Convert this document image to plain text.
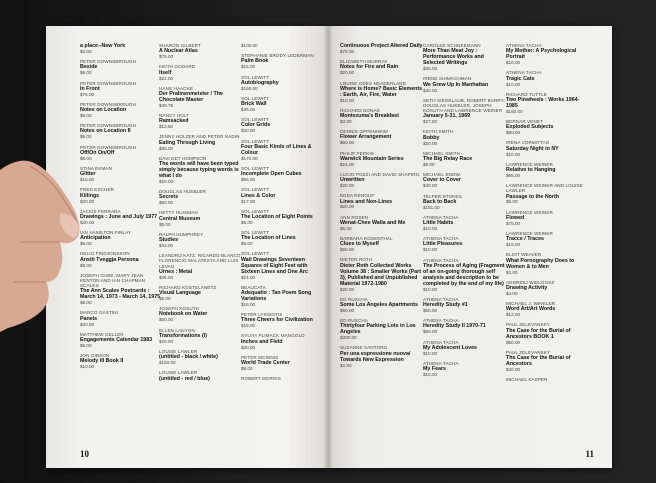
a place--New York
$2.00
PETER DOWNSBROUGH
Beside
$6.00
PETER DOWNSBROUGH
In Front
$75.00
PETER DOWNSBROUGH
Notes on Location
$8.00
PETER DOWNSBROUGH
Notes on Location II
$6.00
PETER DOWNSBROUGH
Off/On On/Off
$8.00
STINA EKMAN
Glitter
$15.00
FRED ESCHER
Killings
$20.00
JACKIE FERRARA
Drawings : June and July 1977
$20.00
IAN HAMILTON FINLAY
Anticipation
$6.00
HELGI FRIDJONSSON
Ansiti Tveggja Persona
$8.00
JOSEPH GABE, MARY JEAN KENTON AND IAN CHAPMAN SCALES
The Ann Scales Postcards : March 14, 1973 - March 14, 1975
$8.00
MARCO GASTINI
Panels
$20.00
MATTHEW GELLER
Engagements Calendar 1983
$6.00
JON GIBSON
Melody III Book II
$10.00
SHARON GILBERT
A Nuclear Atlas
$75.00
KEITH GODARD
Itself
$22.00
HANS HAACKE
Der Pralinenmeister / The Chocolate Master
$49.75
NANCY HOLT
Ramsacked
$12.50
JENNY HOLZER AND PETER NADIN
Eating Through Living
$35.00
DAVI DET HOMPSON
The words will have been typed simply because typing words is what I do
$20.00
DOUGLAS HUEBLER
Secrets
$60.00
HETTY HUISMAN
Central Museum
$5.00
RALPH HUMPHREY
Studies
$33.00
LEANDRO KATZ, RICARDO BLANCO, FLORENCIO MALATESTA AND LUIS LEVAN
Urnes : Metal
$45.00
RICHARD KOSTELANETZ
Visual Language
$6.00
JOSEPH KOSUTH
Notebook on Water
$50.00
ELLEN LANYON
Transformations (I)
$20.00
LOUISE LAWLER
(untitled - black / white)
$150.00
LOUISE LAWLER
(untitled - red / blue)
$100.00
STEPHANIE BRODY LEDERMAN
Palm Book
$15.00
SOL LEWITT
Autobiography
$150.00
SOL LEWITT
Brick Wall
$35.00
SOL LEWITT
Color Grids
$30.00
SOL LEWITT
Four Basic Kinds of Lines & Colour
$170.00
SOL LEWITT
Incomplete Open Cubes
$65.00
SOL LEWITT
Lines & Color
$17.00
SOL LEWITT
The Location of Eight Points
$5.00
SOL LEWITT
The Location of Lines
$5.00
SOL LEWITT
Wall Drawings Seventeen Squares of Eight Feet with Sixteen Lines and One Arc
$24.00
BEAUCATA
Adequatio : Tan Poem Song Variations
$16.00
PETER LYSSIOTIS
Three Cheers for Civilization
$19.00
SYLVIA PLIMACK MANGOLD
Inches and Field
$30.00
PETER MCINNIS
World Trade Center
$8.00
ROBERT MORRIS
Continuous Project Altered Daily
$75.00
ELIZABETH MURRAY
Notes for Fire and Rain
$20.00
LOUISE ODES NEADERLAND
Where is Home? Basic Elements : Earth, Air, Fire, Water
$10.00
RICHARD NONAS
Montezuma's Breakfast
$3.00
DENNIS OPPENHEIM
Flower Arrangement
$60.00
PHILIP PERKIS
Warwick Mountain Series
$24.00
LUCIO POZZI AND DAVID SHAPIRO
Unwritten
$20.00
EDDA RENOUF
Lines and Non-Lines
$20.00
ANN ROSEN
Wenat-Chee Walla and Me
$6.00
BARBARA ROSENTHAL
Clues to Myself
$50.00
DIETER ROTH
Dieter Roth Collected Works Volume 38 : Smaller Works (Part 3), Published and Unpublished Material 1972-1980
$20.00
ED RUSCHA
Some Los Angeles Apartments
$60.00
ED RUSCHA
Thirtyfour Parking Lots in Los Angeles
$300.00
SUZANNE SANTORO
Per una espressione nuova/ Towards New Expression
$2.50
CAROLEE SCHNEEMANN
More Than Meat Joy : Performance Works and Selected Writings
$35.00
IRENE SHIMACHMAN
We Grew Up In Manhattan
$40.00
SETH SIEGELAUB, ROBERT BARRY, DOUGLAS HUEBLER, JOSEPH KOSUTH AND LAWRENCE WEINER
January 5-31, 1969
$27.50
KEITH SMITH
Bobby
$20.00
MICHAEL SMITH
The Big Relay Race
$6.00
MICHAEL SNOW
Cover to Cover
$40.00
TELFER STOKES
Back to Back
$151.00
ATHENA TACHA
Little Habits
$10.00
ATHENA TACHA
Little Pleasures
$10.00
ATHENA TACHA
The Process of Aging (Fragment of an on-going thorough self analysis and description to be completed by the end of my life)
$10.00
ATHENA TACHA
Heredity Study #1
$50.00
ATHENA TACHA
Heredity Study II 1970-71
$50.00
ATHENA TACHA
My Adolescent Loves
$10.00
ATHENA TACHA
My Fears
$10.00
ATHENA TACHA
My Mother: A Psychological Portrait
$10.00
ATHENA TACHA
Tragic Cats
$10.00
RICHARD TUTTLE
Two Pinwheels : Works 1964-1985
$150.00
BERNAR VENET
Exploded Subjects
$60.00
IRENA VORMITTAG
Saturday Night in NY
$10.00
LAWRENCE WEINER
Relative to Hanging
$65.00
LAWRENCE WEINER AND LOUISE LAWLER
Passage to the North
$5.00
LAWRENCE WEINER
Flowed
$75.00
LAWRENCE WEINER
Tracce / Traces
$15.00
ELIOT WEAVER
What Pornography Does to Women & to Men
$3.00
ANDRZEJ WIELGOSZ
Drawing Activity
$4.00
MICHAEL J. WINKLER
Word Art/Art Words
$12.00
PAUL ZELEVANSKY
The Case for the Burial of Ancestors BOOK 1
$50.00
PAUL ZELEVANSKY
The Case for the Burial of Ancestors
$40.00
MICHAEL KASPER
10	11
